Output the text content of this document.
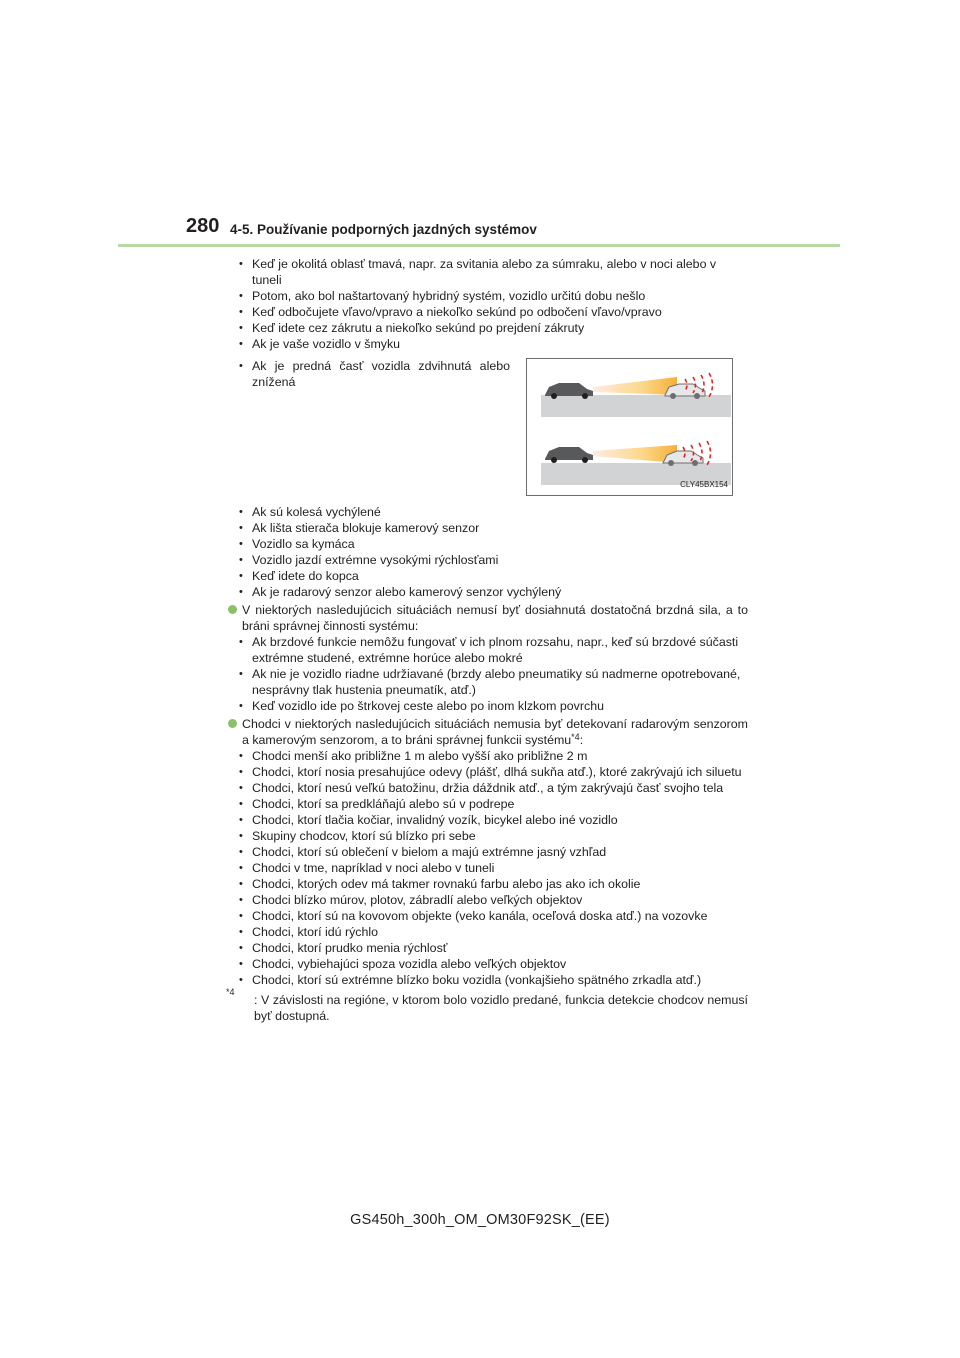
280 4-5. Používanie podporných jazdných systémov
• Keď je okolitá oblasť tmavá, napr. za svitania alebo za súmraku, alebo v noci alebo v tuneli
• Potom, ako bol naštartovaný hybridný systém, vozidlo určitú dobu nešlo
• Keď odbočujete vľavo/vpravo a niekoľko sekúnd po odbočení vľavo/vpravo
• Keď idete cez zákrutu a niekoľko sekúnd po prejdení zákruty
• Ak je vaše vozidlo v šmyku
• Ak je predná časť vozidla zdvihnutá alebo znížená
CLY45BX154
• Ak sú kolesá vychýlené
• Ak lišta stierača blokuje kamerový senzor
• Vozidlo sa kymáca
• Vozidlo jazdí extrémne vysokými rýchlosťami
• Keď idete do kopca
• Ak je radarový senzor alebo kamerový senzor vychýlený
V niektorých nasledujúcich situáciách nemusí byť dosiahnutá dostatočná brzdná sila, a to bráni správnej činnosti systému:
• Ak brzdové funkcie nemôžu fungovať v ich plnom rozsahu, napr., keď sú brzdové súčasti extrémne studené, extrémne horúce alebo mokré
• Ak nie je vozidlo riadne udržiavané (brzdy alebo pneumatiky sú nadmerne opotrebované, nesprávny tlak hustenia pneumatík, atď.)
• Keď vozidlo ide po štrkovej ceste alebo po inom klzkom povrchu
Chodci v niektorých nasledujúcich situáciách nemusia byť detekovaní radarovým senzorom a kamerovým senzorom, a to bráni správnej funkcii systému$^{*4}$:
• Chodci menší ako približne 1 m alebo vyšší ako približne 2 m
• Chodci, ktorí nosia presahujúce odevy (plášť, dlhá sukňa atď.), ktoré zakrývajú ich siluetu
• Chodci, ktorí nesú veľkú batožinu, držia dáždnik atď., a tým zakrývajú časť svojho tela
• Chodci, ktorí sa predkláňajú alebo sú v podrepe
• Chodci, ktorí tlačia kočiar, invalidný vozík, bicykel alebo iné vozidlo
• Skupiny chodcov, ktorí sú blízko pri sebe
• Chodci, ktorí sú oblečení v bielom a majú extrémne jasný vzhľad
• Chodci v tme, napríklad v noci alebo v tuneli
• Chodci, ktorých odev má takmer rovnakú farbu alebo jas ako ich okolie
• Chodci blízko múrov, plotov, zábradlí alebo veľkých objektov
• Chodci, ktorí sú na kovovom objekte (veko kanála, oceľová doska atď.) na vozovke
• Chodci, ktorí idú rýchlo
• Chodci, ktorí prudko menia rýchlosť
• Chodci, vybiehajúci spoza vozidla alebo veľkých objektov
• Chodci, ktorí sú extrémne blízko boku vozidla (vonkajšieho spätného zrkadla atď.)
*4
: V závislosti na regióne, v ktorom bolo vozidlo predané, funkcia detekcie chodcov nemusí byť dostupná.
GS450h_300h_OM_OM30F92SK_(EE)
